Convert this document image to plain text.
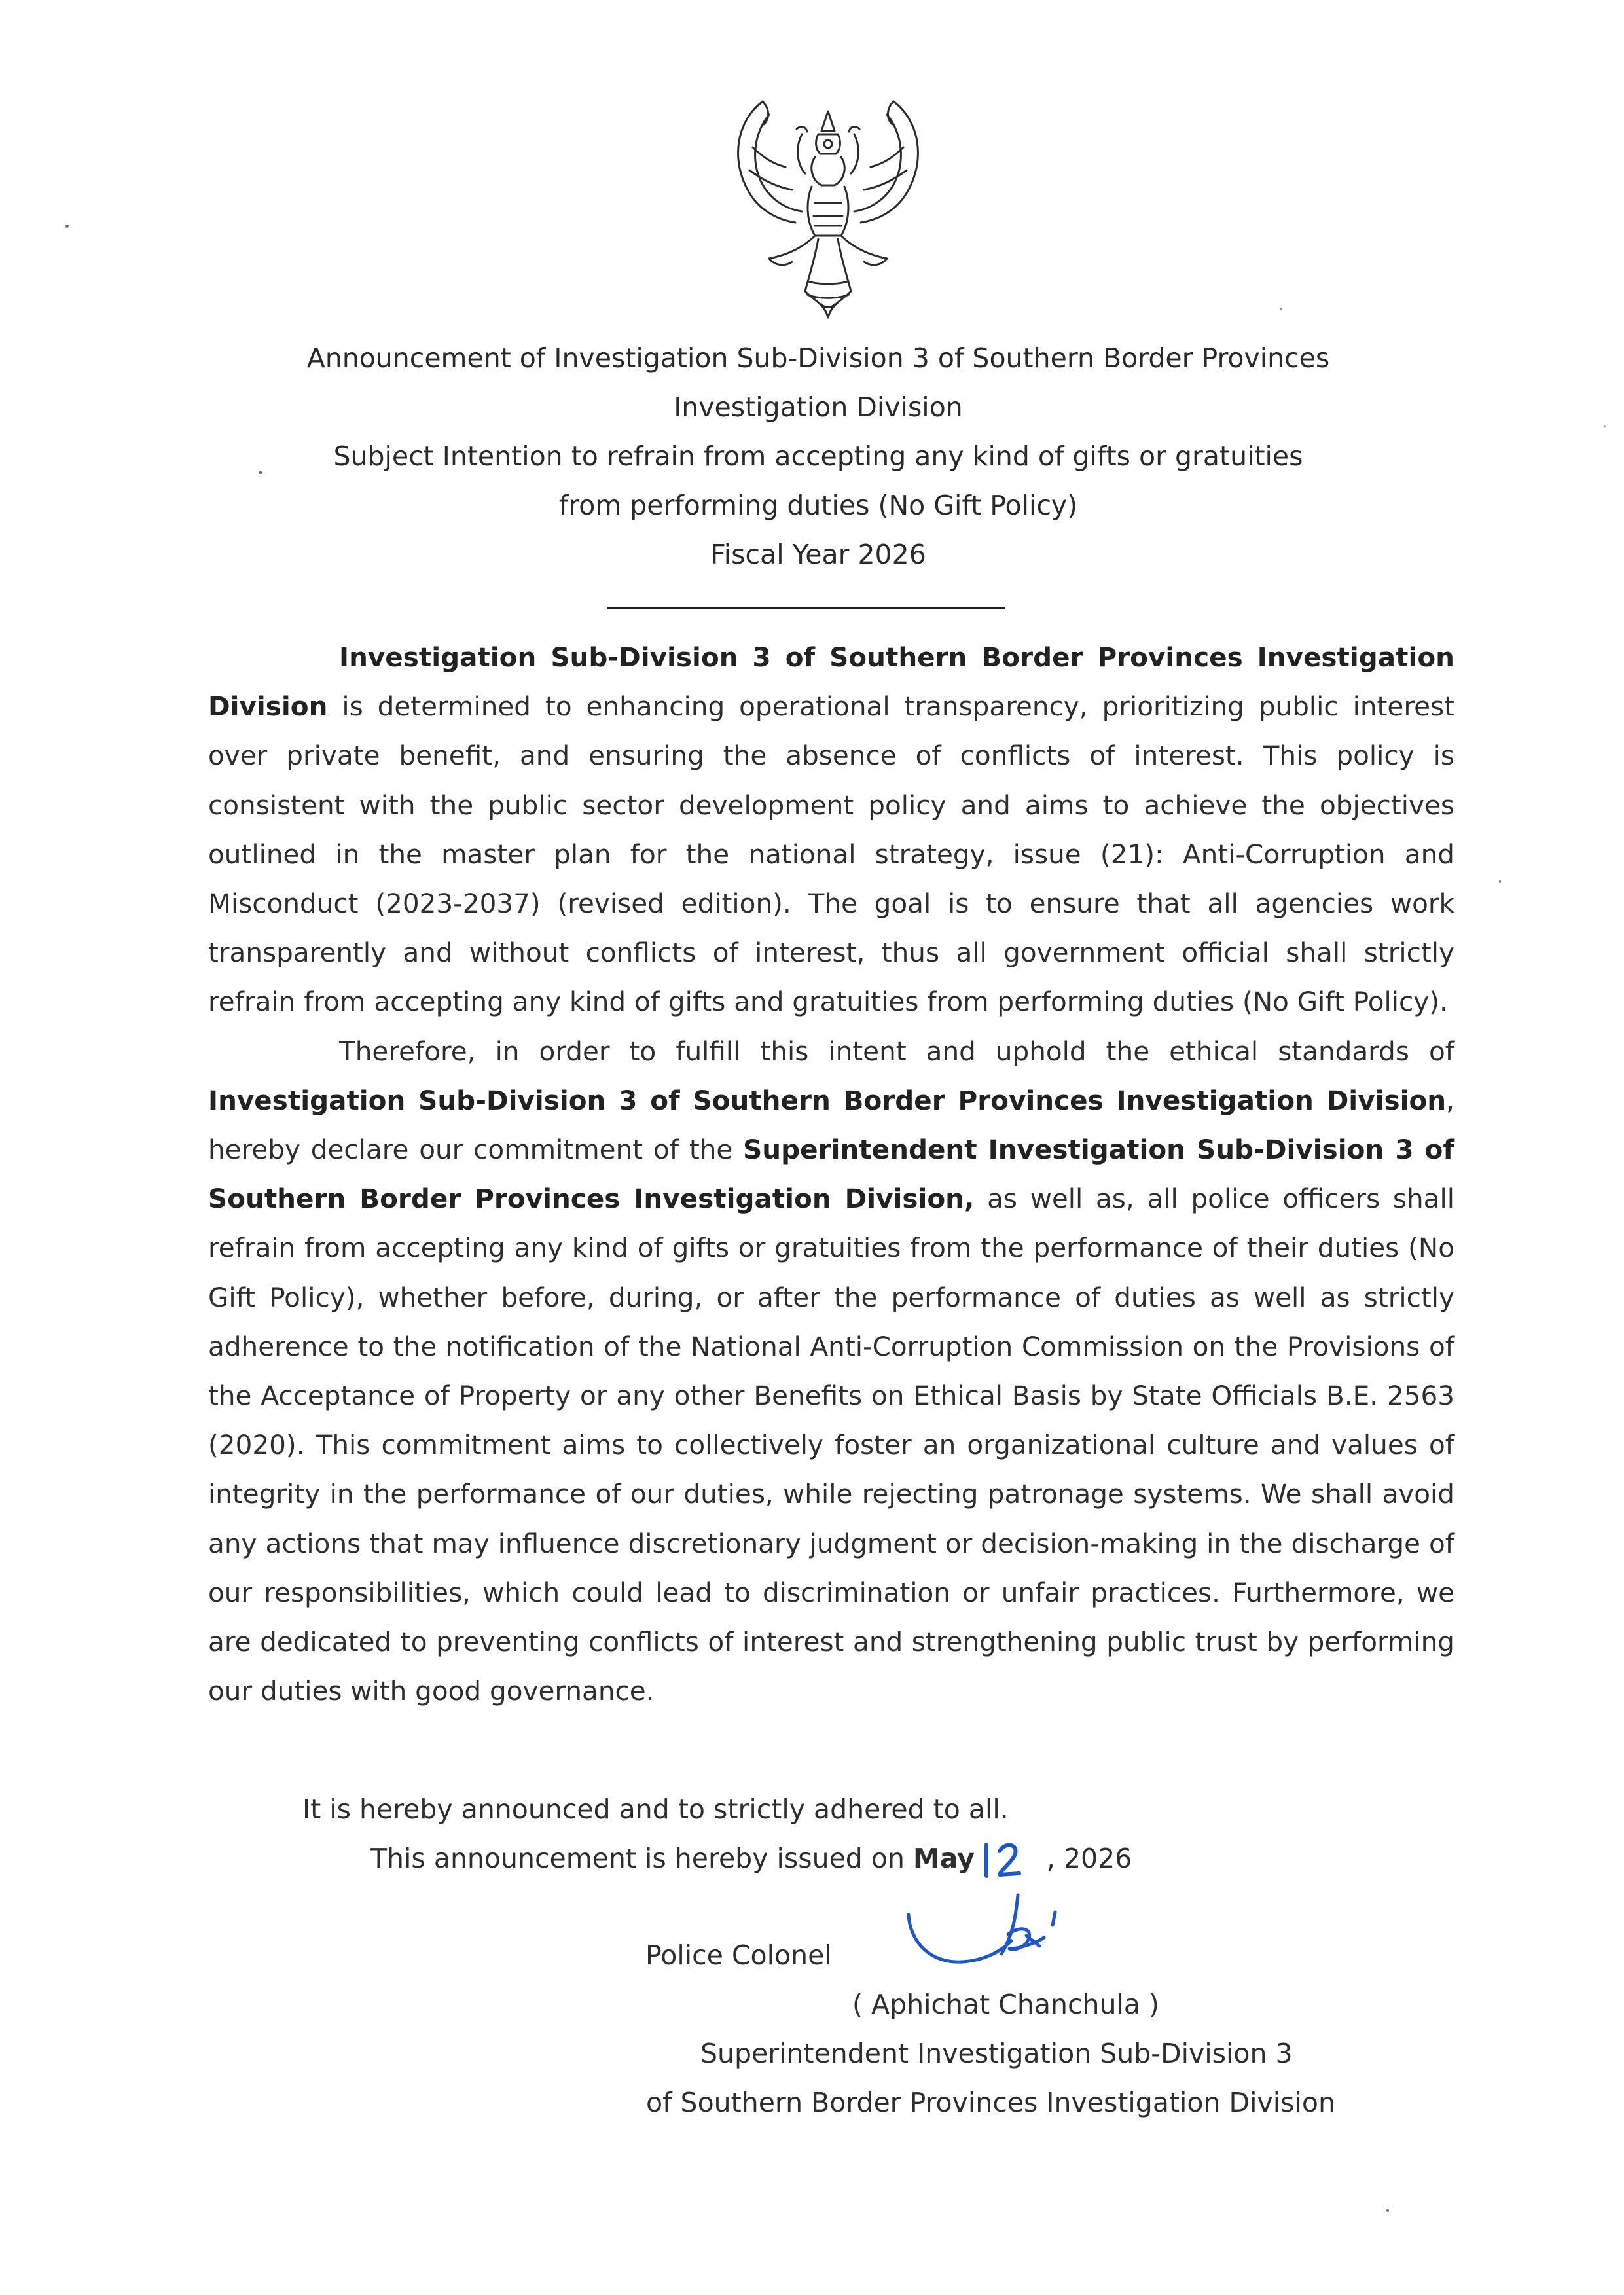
Announcement of Investigation Sub-Division 3 of Southern Border Provinces
Investigation Division
Subject Intention to refrain from accepting any kind of gifts or gratuities
from performing duties (No Gift Policy)
Fiscal Year 2026

Investigation Sub-Division 3 of Southern Border Provinces Investigation Division is determined to enhancing operational transparency, prioritizing public interest over private benefit, and ensuring the absence of conflicts of interest. This policy is consistent with the public sector development policy and aims to achieve the objectives outlined in the master plan for the national strategy, issue (21): Anti-Corruption and Misconduct (2023-2037) (revised edition). The goal is to ensure that all agencies work transparently and without conflicts of interest, thus all government official shall strictly refrain from accepting any kind of gifts and gratuities from performing duties (No Gift Policy).

Therefore, in order to fulfill this intent and uphold the ethical standards of Investigation Sub-Division 3 of Southern Border Provinces Investigation Division, hereby declare our commitment of the Superintendent Investigation Sub-Division 3 of Southern Border Provinces Investigation Division, as well as, all police officers shall refrain from accepting any kind of gifts or gratuities from the performance of their duties (No Gift Policy), whether before, during, or after the performance of duties as well as strictly adherence to the notification of the National Anti-Corruption Commission on the Provisions of the Acceptance of Property or any other Benefits on Ethical Basis by State Officials B.E. 2563 (2020). This commitment aims to collectively foster an organizational culture and values of integrity in the performance of our duties, while rejecting patronage systems. We shall avoid any actions that may influence discretionary judgment or decision-making in the discharge of our responsibilities, which could lead to discrimination or unfair practices. Furthermore, we are dedicated to preventing conflicts of interest and strengthening public trust by performing our duties with good governance.

It is hereby announced and to strictly adhered to all.
This announcement is hereby issued on May	, 2026
Police Colonel
( Aphichat Chanchula )
Superintendent Investigation Sub-Division 3
of Southern Border Provinces Investigation Division
